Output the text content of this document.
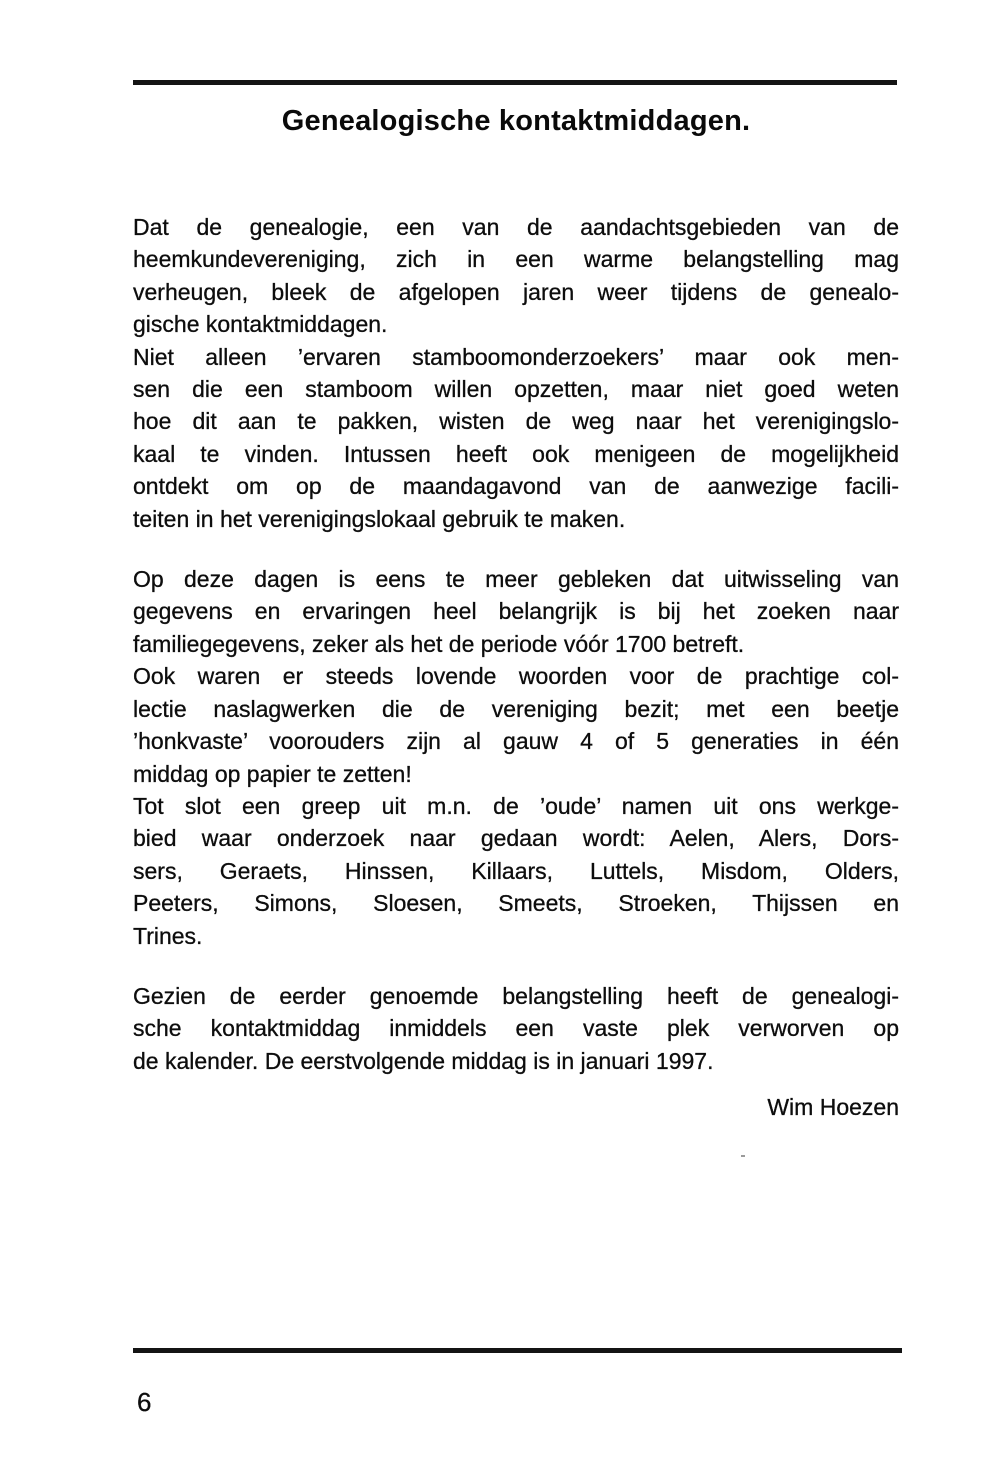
Genealogische kontaktmiddagen.
Dat de genealogie, een van de aandachtsgebieden van de
heemkundevereniging, zich in een warme belangstelling mag
verheugen, bleek de afgelopen jaren weer tijdens de genealo-
gische kontaktmiddagen.
Niet alleen ’ervaren stamboomonderzoekers’ maar ook men-
sen die een stamboom willen opzetten, maar niet goed weten
hoe dit aan te pakken, wisten de weg naar het verenigingslo-
kaal te vinden. Intussen heeft ook menigeen de mogelijkheid
ontdekt om op de maandagavond van de aanwezige facili-
teiten in het verenigingslokaal gebruik te maken.
Op deze dagen is eens te meer gebleken dat uitwisseling van
gegevens en ervaringen heel belangrijk is bij het zoeken naar
familiegegevens, zeker als het de periode vóór 1700 betreft.
Ook waren er steeds lovende woorden voor de prachtige col-
lectie naslagwerken die de vereniging bezit; met een beetje
’honkvaste’ voorouders zijn al gauw 4 of 5 generaties in één
middag op papier te zetten!
Tot slot een greep uit m.n. de ’oude’ namen uit ons werkge-
bied waar onderzoek naar gedaan wordt: Aelen, Alers, Dors-
sers, Geraets, Hinssen, Killaars, Luttels, Misdom, Olders,
Peeters, Simons, Sloesen, Smeets, Stroeken, Thijssen en
Trines.
Gezien de eerder genoemde belangstelling heeft de genealogi-
sche kontaktmiddag inmiddels een vaste plek verworven op
de kalender. De eerstvolgende middag is in januari 1997.
Wim Hoezen
6
